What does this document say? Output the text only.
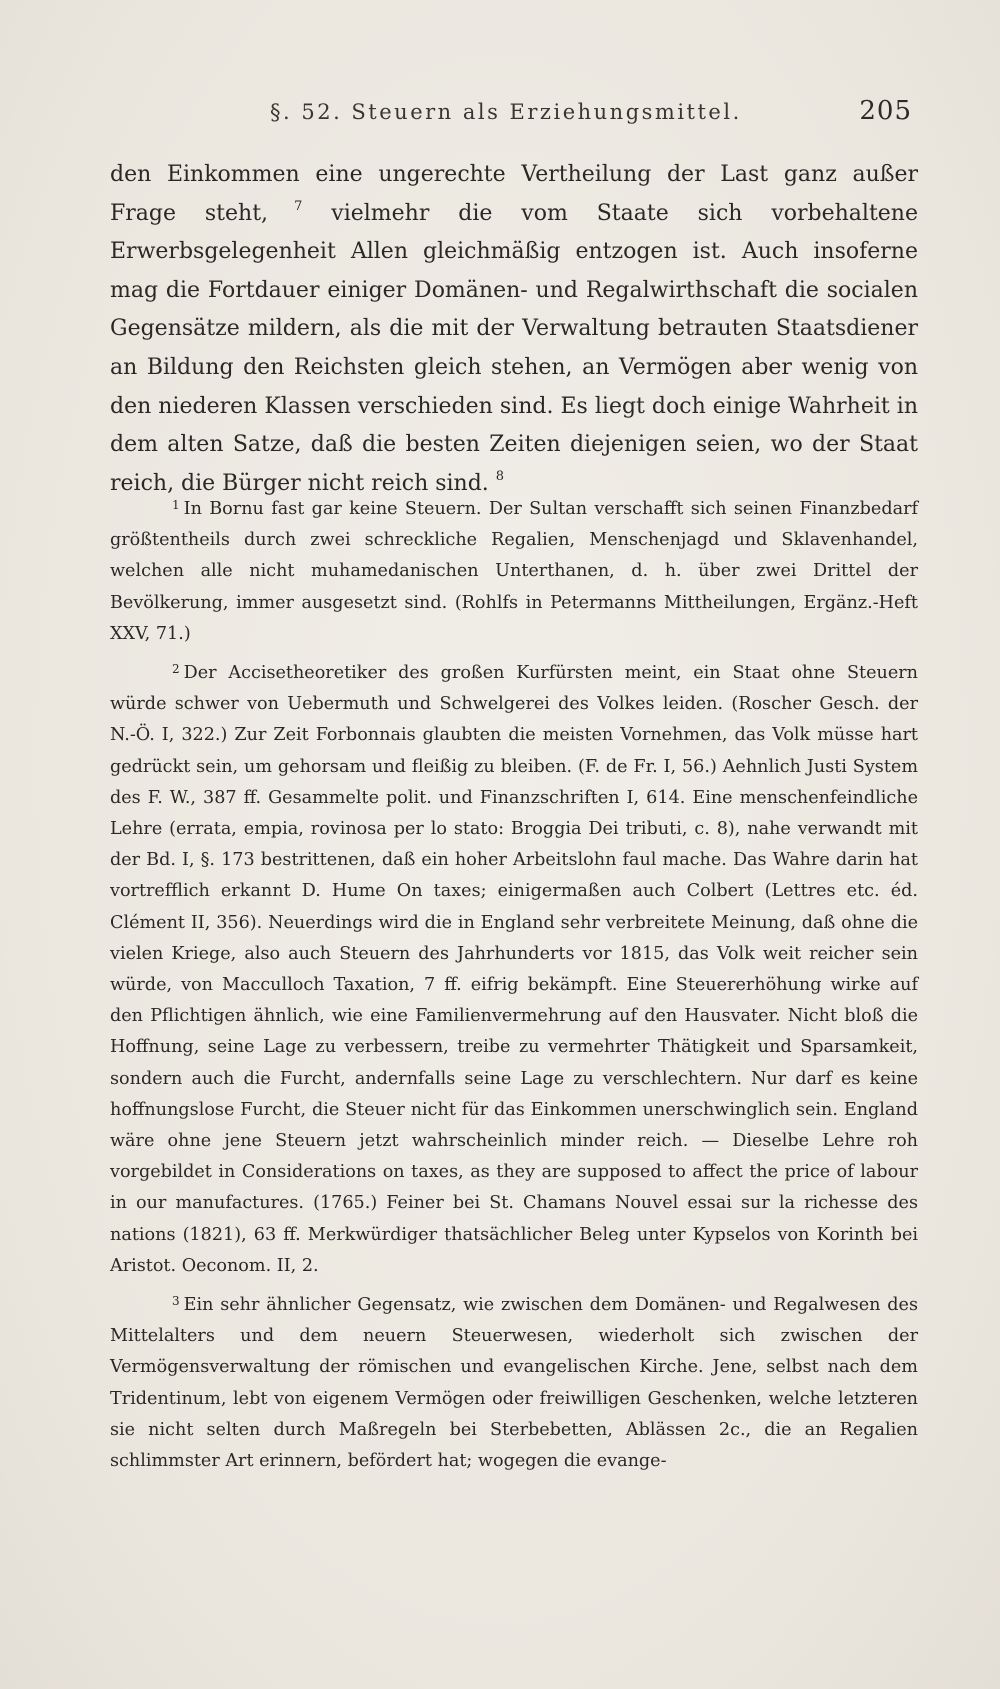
§. 52. Steuern als Erziehungsmittel.	205

den Einkommen eine ungerechte Vertheilung der Last ganz außer Frage steht, $^7$ vielmehr die vom Staate sich vorbehaltene Erwerbsgelegenheit Allen gleichmäßig entzogen ist. Auch insoferne mag die Fortdauer einiger Domänen- und Regalwirthschaft die socialen Gegensätze mildern, als die mit der Verwaltung betrauten Staatsdiener an Bildung den Reichsten gleich stehen, an Vermögen aber wenig von den niederen Klassen verschieden sind. Es liegt doch einige Wahrheit in dem alten Satze, daß die besten Zeiten diejenigen seien, wo der Staat reich, die Bürger nicht reich sind. $^8$

$^1$ In Bornu fast gar keine Steuern. Der Sultan verschafft sich seinen Finanzbedarf größtentheils durch zwei schreckliche Regalien, Menschenjagd und Sklavenhandel, welchen alle nicht muhamedanischen Unterthanen, d. h. über zwei Drittel der Bevölkerung, immer ausgesetzt sind. (Rohlfs in Petermanns Mittheilungen, Ergänz.-Heft XXV, 71.)

$^2$ Der Accisetheoretiker des großen Kurfürsten meint, ein Staat ohne Steuern würde schwer von Uebermuth und Schwelgerei des Volkes leiden. (Roscher Gesch. der N.-Ö. I, 322.) Zur Zeit Forbonnais glaubten die meisten Vornehmen, das Volk müsse hart gedrückt sein, um gehorsam und fleißig zu bleiben. (F. de Fr. I, 56.) Aehnlich Justi System des F. W., 387 ff. Gesammelte polit. und Finanzschriften I, 614. Eine menschenfeindliche Lehre (errata, empia, rovinosa per lo stato: Broggia Dei tributi, c. 8), nahe verwandt mit der Bd. I, §. 173 bestrittenen, daß ein hoher Arbeitslohn faul mache. Das Wahre darin hat vortrefflich erkannt D. Hume On taxes; einigermaßen auch Colbert (Lettres etc. éd. Clément II, 356). Neuerdings wird die in England sehr verbreitete Meinung, daß ohne die vielen Kriege, also auch Steuern des Jahrhunderts vor 1815, das Volk weit reicher sein würde, von Macculloch Taxation, 7 ff. eifrig bekämpft. Eine Steuererhöhung wirke auf den Pflichtigen ähnlich, wie eine Familienvermehrung auf den Hausvater. Nicht bloß die Hoffnung, seine Lage zu verbessern, treibe zu vermehrter Thätigkeit und Sparsamkeit, sondern auch die Furcht, andernfalls seine Lage zu verschlechtern. Nur darf es keine hoffnungslose Furcht, die Steuer nicht für das Einkommen unerschwinglich sein. England wäre ohne jene Steuern jetzt wahrscheinlich minder reich. — Dieselbe Lehre roh vorgebildet in Considerations on taxes, as they are supposed to affect the price of labour in our manufactures. (1765.) Feiner bei St. Chamans Nouvel essai sur la richesse des nations (1821), 63 ff. Merkwürdiger thatsächlicher Beleg unter Kypselos von Korinth bei Aristot. Oeconom. II, 2.

$^3$ Ein sehr ähnlicher Gegensatz, wie zwischen dem Domänen- und Regalwesen des Mittelalters und dem neuern Steuerwesen, wiederholt sich zwischen der Vermögensverwaltung der römischen und evangelischen Kirche. Jene, selbst nach dem Tridentinum, lebt von eigenem Vermögen oder freiwilligen Geschenken, welche letzteren sie nicht selten durch Maßregeln bei Sterbebetten, Ablässen 2c., die an Regalien schlimmster Art erinnern, befördert hat; wogegen die evange-
